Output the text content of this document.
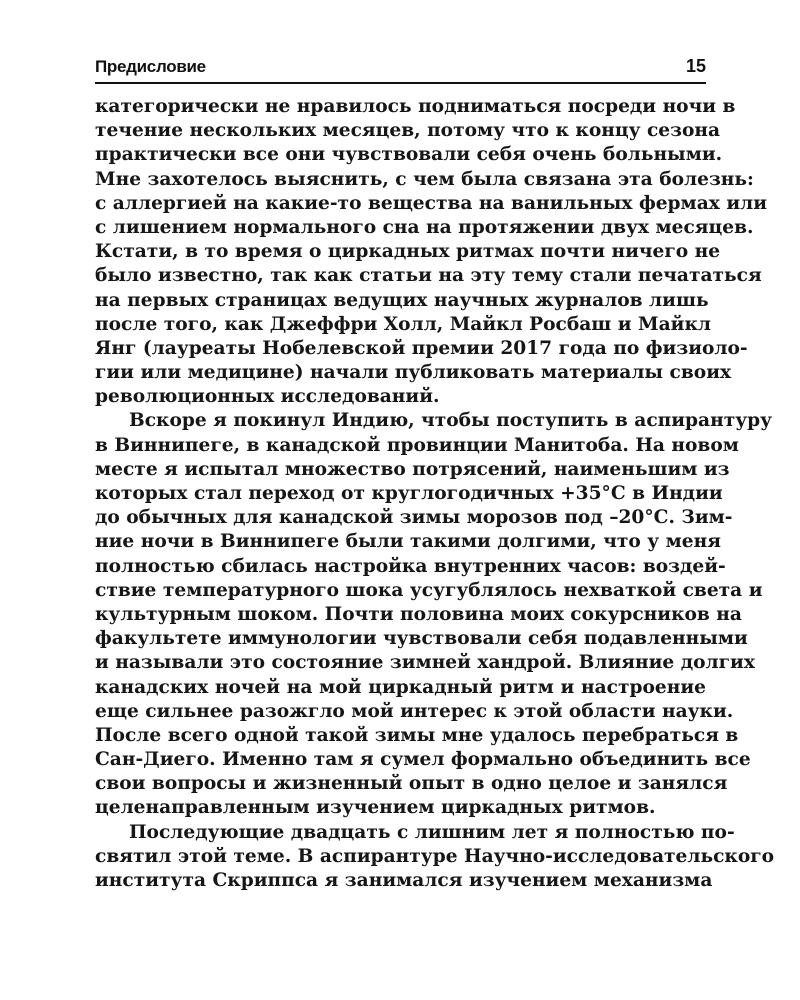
Предисловие	15
категорически не нравилось подниматься посреди ночи в
течение нескольких месяцев, потому что к концу сезона
практически все они чувствовали себя очень больными.
Мне захотелось выяснить, с чем была связана эта болезнь:
с аллергией на какие-то вещества на ванильных фермах или
с лишением нормального сна на протяжении двух месяцев.
Кстати, в то время о циркадных ритмах почти ничего не
было известно, так как статьи на эту тему стали печататься
на первых страницах ведущих научных журналов лишь
после того, как Джеффри Холл, Майкл Росбаш и Майкл
Янг (лауреаты Нобелевской премии 2017 года по физиоло-
гии или медицине) начали публиковать материалы своих
революционных исследований.
Вскоре я покинул Индию, чтобы поступить в аспирантуру
в Виннипеге, в канадской провинции Манитоба. На новом
месте я испытал множество потрясений, наименьшим из
которых стал переход от круглогодичных +35°С в Индии
до обычных для канадской зимы морозов под –20°С. Зим-
ние ночи в Виннипеге были такими долгими, что у меня
полностью сбилась настройка внутренних часов: воздей-
ствие температурного шока усугублялось нехваткой света и
культурным шоком. Почти половина моих сокурсников на
факультете иммунологии чувствовали себя подавленными
и называли это состояние зимней хандрой. Влияние долгих
канадских ночей на мой циркадный ритм и настроение
еще сильнее разожгло мой интерес к этой области науки.
После всего одной такой зимы мне удалось перебраться в
Сан-Диего. Именно там я сумел формально объединить все
свои вопросы и жизненный опыт в одно целое и занялся
целенаправленным изучением циркадных ритмов.
Последующие двадцать с лишним лет я полностью по-
святил этой теме. В аспирантуре Научно-исследовательского
института Скриппса я занимался изучением механизма
